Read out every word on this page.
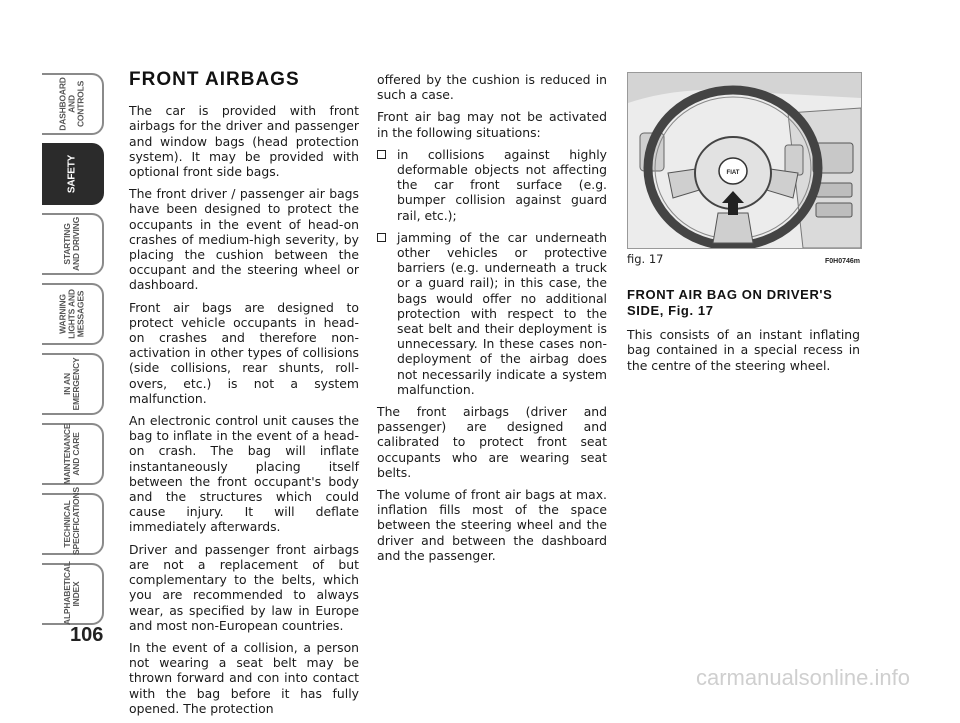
DASHBOARD
AND
CONTROLS
SAFETY
STARTING
AND DRIVING
WARNING
LIGHTS AND
MESSAGES
IN AN
EMERGENCY
MAINTENANCE
AND CARE
TECHNICAL
SPECIFICATIONS
ALPHABETICAL
INDEX
106
FRONT AIRBAGS

The car is provided with front airbags for the driver and passenger and window bags (head protection system). It may be provided with optional front side bags.

The front driver / passenger air bags have been designed to protect the occupants in the event of head-on crashes of medium-high severity, by placing the cushion between the occupant and the steering wheel or dashboard.

Front air bags are designed to protect vehicle occupants in head-on crashes and therefore non-activation in other types of collisions (side collisions, rear shunts, roll-overs, etc.) is not a system malfunction.

An electronic control unit causes the bag to inflate in the event of a head-on crash. The bag will inflate instantaneously placing itself between the front occupant's body and the structures which could cause injury. It will deflate immediately afterwards.

Driver and passenger front airbags are not a replacement of but complementary to the belts, which you are recommended to always wear, as specified by law in Europe and most non-European countries.

In the event of a collision, a person not wearing a seat belt may be thrown forward and con into contact with the bag before it has fully opened. The protection

offered by the cushion is reduced in such a case.

Front air bag may not be activated in the following situations:

in collisions against highly deformable objects not affecting the car front surface (e.g. bumper collision against guard rail, etc.);
jamming of the car underneath other vehicles or protective barriers (e.g. underneath a truck or a guard rail); in this case, the bags would offer no additional protection with respect to the seat belt and their deployment is unnecessary. In these cases non-deployment of the airbag does not necessarily indicate a system malfunction.

The front airbags (driver and passenger) are designed and calibrated to protect front seat occupants who are wearing seat belts.

The volume of front air bags at max. inflation fills most of the space between the steering wheel and the driver and between the dashboard and the passenger.

FIAT
fig. 17	F0H0746m
FRONT AIR BAG ON DRIVER'S SIDE, Fig. 17

This consists of an instant inflating bag contained in a special recess in the centre of the steering wheel.

carmanualsonline.info
